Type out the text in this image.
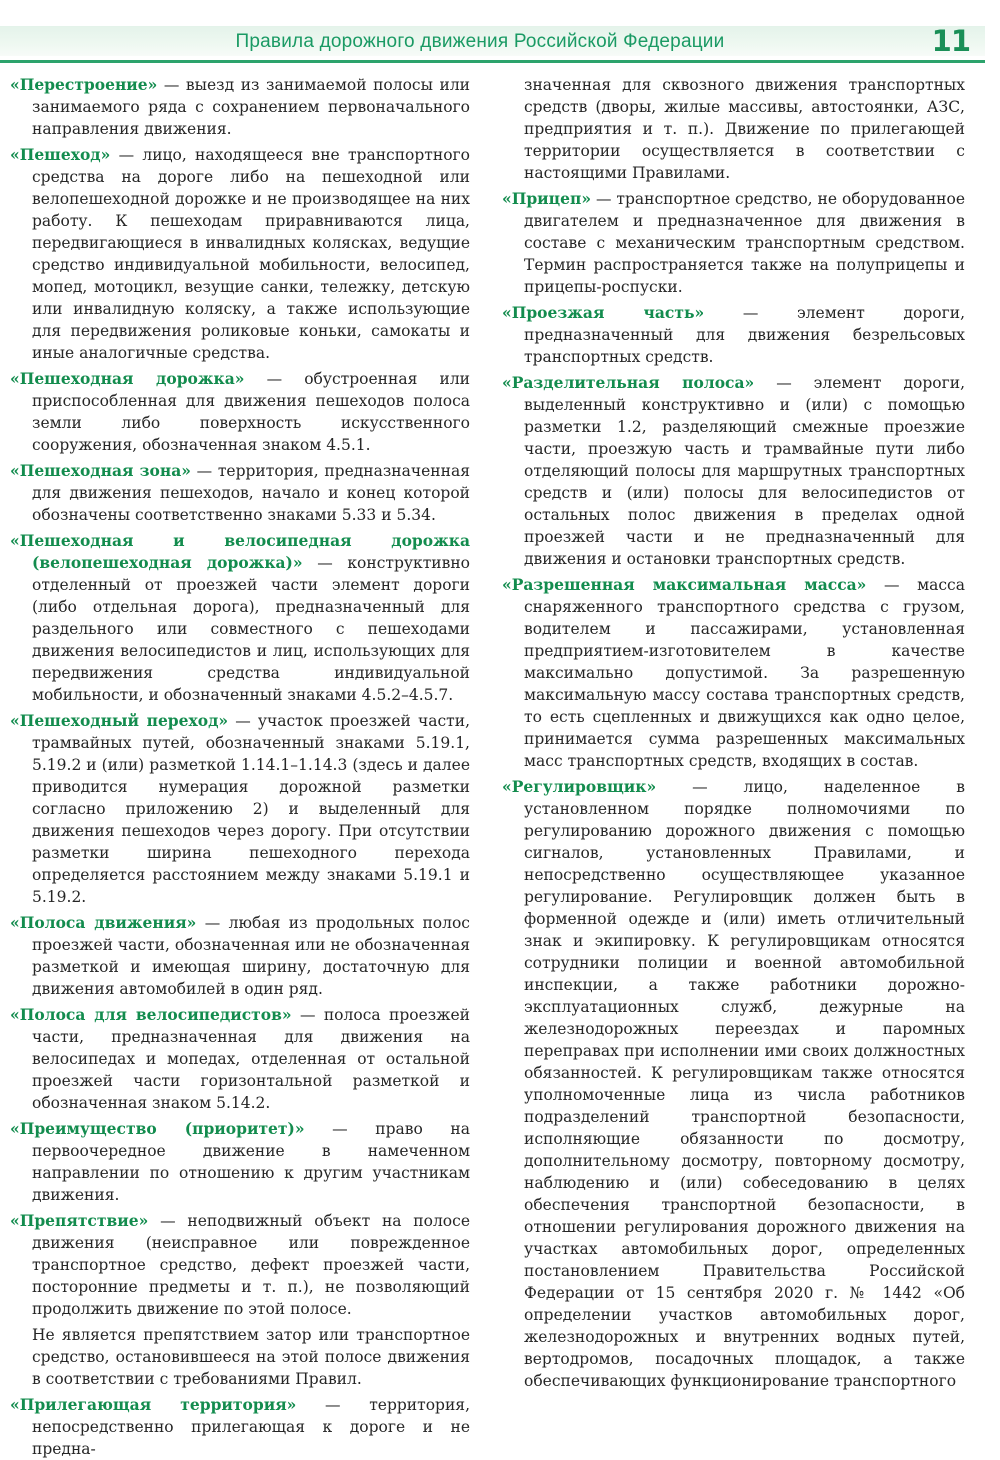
Правила дорожного движения Российской Федерации	11

«Перестроение» — выезд из занимаемой полосы или занимаемого ряда с сохранением первоначального направления движения.

«Пешеход» — лицо, находящееся вне транспортного средства на дороге либо на пешеходной или велопешеходной дорожке и не производящее на них работу. К пешеходам приравниваются лица, передвигающиеся в инвалидных колясках, ведущие средство индивидуальной мобильности, велосипед, мопед, мотоцикл, везущие санки, тележку, детскую или инвалидную коляску, а также использующие для передвижения роликовые коньки, самокаты и иные аналогичные средства.

«Пешеходная дорожка» — обустроенная или приспособленная для движения пешеходов полоса земли либо поверхность искусственного сооружения, обозначенная знаком 4.5.1.

«Пешеходная зона» — территория, предназначенная для движения пешеходов, начало и конец которой обозначены соответственно знаками 5.33 и 5.34.

«Пешеходная и велосипедная дорожка (велопешеходная дорожка)» — конструктивно отделенный от проезжей части элемент дороги (либо отдельная дорога), предназначенный для раздельного или совместного с пешеходами движения велосипедистов и лиц, использующих для передвижения средства индивидуальной мобильности, и обозначенный знаками 4.5.2–4.5.7.

«Пешеходный переход» — участок проезжей части, трамвайных путей, обозначенный знаками 5.19.1, 5.19.2 и (или) разметкой 1.14.1–1.14.3 (здесь и далее приводится нумерация дорожной разметки согласно приложению 2) и выделенный для движения пешеходов через дорогу. При отсутствии разметки ширина пешеходного перехода определяется расстоянием между знаками 5.19.1 и 5.19.2.

«Полоса движения» — любая из продольных полос проезжей части, обозначенная или не обозначенная разметкой и имеющая ширину, достаточную для движения автомобилей в один ряд.

«Полоса для велосипедистов» — полоса проезжей части, предназначенная для движения на велосипедах и мопедах, отделенная от остальной проезжей части горизонтальной разметкой и обозначенная знаком 5.14.2.

«Преимущество (приоритет)» — право на первоочередное движение в намеченном направлении по отношению к другим участникам движения.

«Препятствие» — неподвижный объект на полосе движения (неисправное или поврежденное транспортное средство, дефект проезжей части, посторонние предметы и т. п.), не позволяющий продолжить движение по этой полосе.

Не является препятствием затор или транспортное средство, остановившееся на этой полосе движения в соответствии с требованиями Правил.

«Прилегающая территория» — территория, непосредственно прилегающая к дороге и не предна-

значенная для сквозного движения транспортных средств (дворы, жилые массивы, автостоянки, АЗС, предприятия и т. п.). Движение по прилегающей территории осуществляется в соответствии с настоящими Правилами.

«Прицеп» — транспортное средство, не оборудованное двигателем и предназначенное для движения в составе с механическим транспортным средством. Термин распространяется также на полуприцепы и прицепы-роспуски.

«Проезжая часть» — элемент дороги, предназначенный для движения безрельсовых транспортных средств.

«Разделительная полоса» — элемент дороги, выделенный конструктивно и (или) с помощью разметки 1.2, разделяющий смежные проезжие части, проезжую часть и трамвайные пути либо отделяющий полосы для маршрутных транспортных средств и (или) полосы для велосипедистов от остальных полос движения в пределах одной проезжей части и не предназначенный для движения и остановки транспортных средств.

«Разрешенная максимальная масса» — масса снаряженного транспортного средства с грузом, водителем и пассажирами, установленная предприятием-изготовителем в качестве максимально допустимой. За разрешенную максимальную массу состава транспортных средств, то есть сцепленных и движущихся как одно целое, принимается сумма разрешенных максимальных масс транспортных средств, входящих в состав.

«Регулировщик» — лицо, наделенное в установленном порядке полномочиями по регулированию дорожного движения с помощью сигналов, установленных Правилами, и непосредственно осуществляющее указанное регулирование. Регулировщик должен быть в форменной одежде и (или) иметь отличительный знак и экипировку. К регулировщикам относятся сотрудники полиции и военной автомобильной инспекции, а также работники дорожно-эксплуатационных служб, дежурные на железнодорожных переездах и паромных переправах при исполнении ими своих должностных обязанностей. К регулировщикам также относятся уполномоченные лица из числа работников подразделений транспортной безопасности, исполняющие обязанности по досмотру, дополнительному досмотру, повторному досмотру, наблюдению и (или) собеседованию в целях обеспечения транспортной безопасности, в отношении регулирования дорожного движения на участках автомобильных дорог, определенных постановлением Правительства Российской Федерации от 15 сентября 2020 г. № 1442 «Об определении участков автомобильных дорог, железнодорожных и внутренних водных путей, вертодромов, посадочных площадок, а также обеспечивающих функционирование транспортного
